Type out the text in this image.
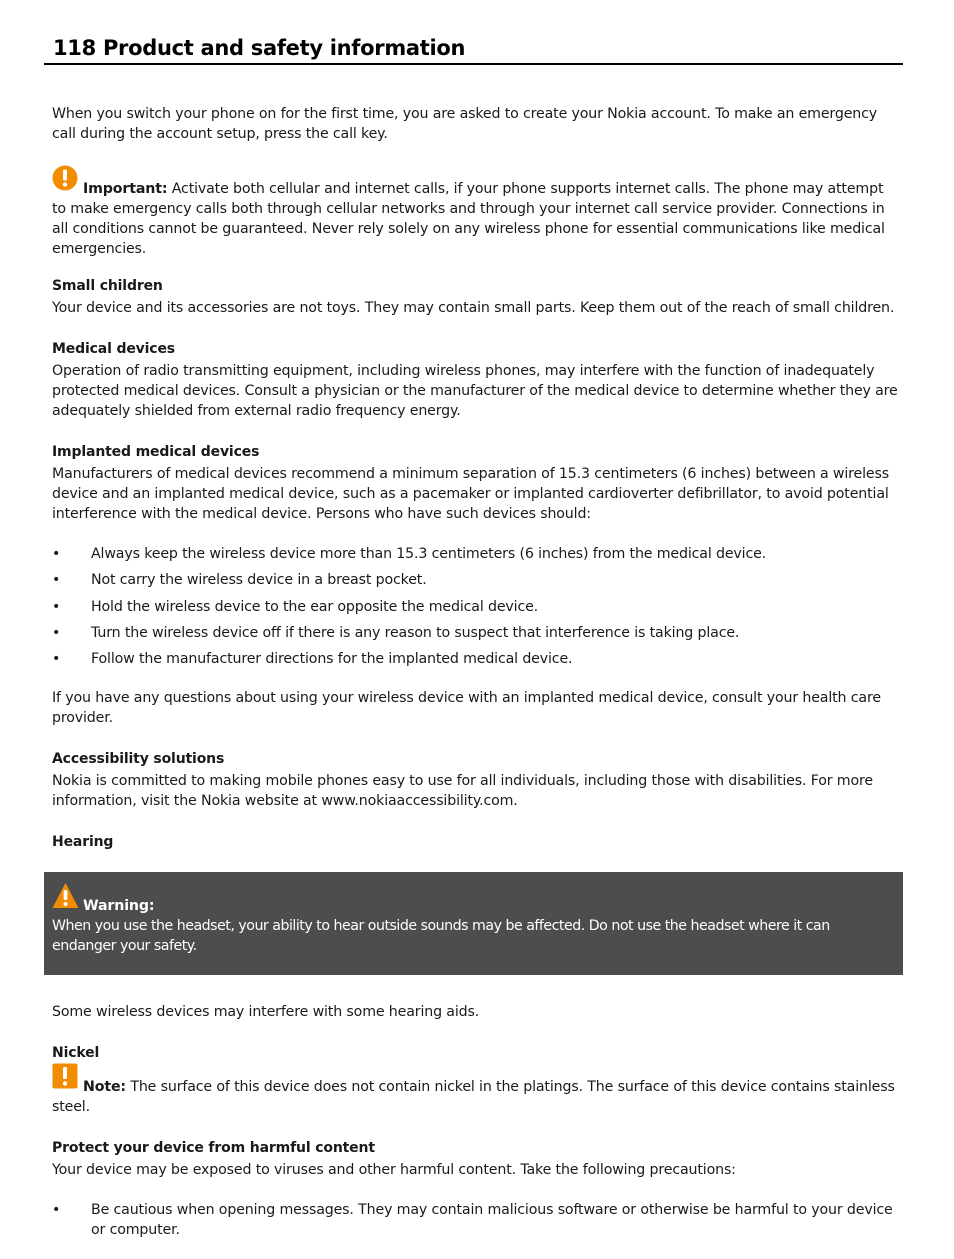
118 Product and safety information

When you switch your phone on for the first time, you are asked to create your Nokia account. To make an emergency call during the account setup, press the call key.

Important: Activate both cellular and internet calls, if your phone supports internet calls. The phone may attempt to make emergency calls both through cellular networks and through your internet call service provider. Connections in all conditions cannot be guaranteed. Never rely solely on any wireless phone for essential communications like medical emergencies.

Small children

Your device and its accessories are not toys. They may contain small parts. Keep them out of the reach of small children.

Medical devices

Operation of radio transmitting equipment, including wireless phones, may interfere with the function of inadequately protected medical devices. Consult a physician or the manufacturer of the medical device to determine whether they are adequately shielded from external radio frequency energy.

Implanted medical devices

Manufacturers of medical devices recommend a minimum separation of 15.3 centimeters (6 inches) between a wireless device and an implanted medical device, such as a pacemaker or implanted cardioverter defibrillator, to avoid potential interference with the medical device. Persons who have such devices should:

• Always keep the wireless device more than 15.3 centimeters (6 inches) from the medical device.
• Not carry the wireless device in a breast pocket.
• Hold the wireless device to the ear opposite the medical device.
• Turn the wireless device off if there is any reason to suspect that interference is taking place.
• Follow the manufacturer directions for the implanted medical device.

If you have any questions about using your wireless device with an implanted medical device, consult your health care provider.

Accessibility solutions

Nokia is committed to making mobile phones easy to use for all individuals, including those with disabilities. For more information, visit the Nokia website at www.nokiaaccessibility.com.

Hearing

Warning:
When you use the headset, your ability to hear outside sounds may be affected. Do not use the headset where it can endanger your safety.

Some wireless devices may interfere with some hearing aids.

Nickel

Note: The surface of this device does not contain nickel in the platings. The surface of this device contains stainless steel.

Protect your device from harmful content

Your device may be exposed to viruses and other harmful content. Take the following precautions:

• Be cautious when opening messages. They may contain malicious software or otherwise be harmful to your device or computer.
